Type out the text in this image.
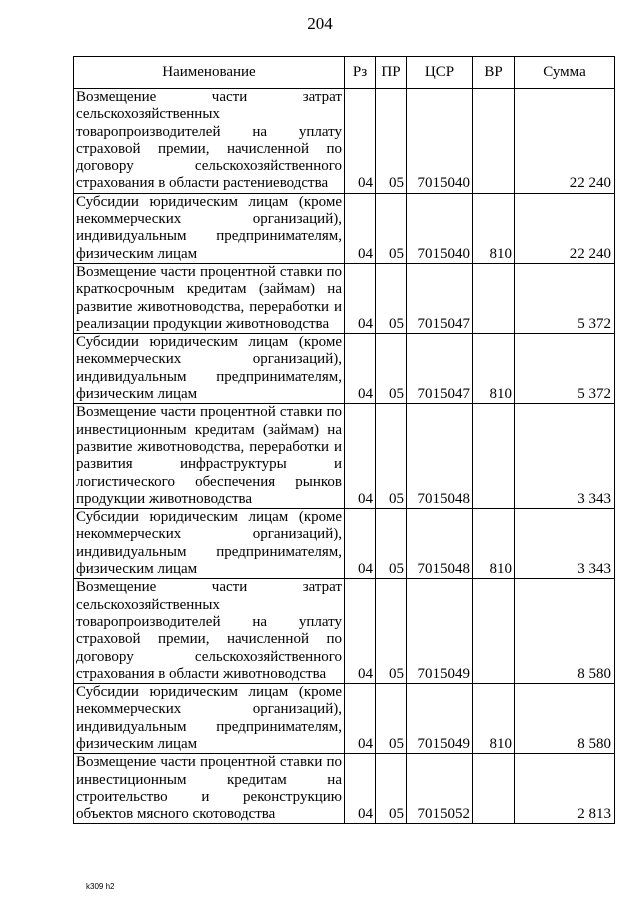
204
Наименование	Рз	ПР	ЦСР	ВР	Сумма
Возмещение части затрат сельскохозяйственных товаропроизводителей на уплату страховой премии, начисленной по договору сельскохозяйственного страхования в области растениеводства	04	05	7015040		22 240
Субсидии юридическим лицам (кроме некоммерческих организаций), индивидуальным предпринимателям, физическим лицам	04	05	7015040	810	22 240
Возмещение части процентной ставки по краткосрочным кредитам (займам) на развитие животноводства, переработки и реализации продукции животноводства	04	05	7015047		5 372
Субсидии юридическим лицам (кроме некоммерческих организаций), индивидуальным предпринимателям, физическим лицам	04	05	7015047	810	5 372
Возмещение части процентной ставки по инвестиционным кредитам (займам) на развитие животноводства, переработки и развития инфраструктуры и логистического обеспечения рынков продукции животноводства	04	05	7015048		3 343
Субсидии юридическим лицам (кроме некоммерческих организаций), индивидуальным предпринимателям, физическим лицам	04	05	7015048	810	3 343
Возмещение части затрат сельскохозяйственных товаропроизводителей на уплату страховой премии, начисленной по договору сельскохозяйственного страхования в области животноводства	04	05	7015049		8 580
Субсидии юридическим лицам (кроме некоммерческих организаций), индивидуальным предпринимателям, физическим лицам	04	05	7015049	810	8 580
Возмещение части процентной ставки по инвестиционным кредитам на строительство и реконструкцию объектов мясного скотоводства	04	05	7015052		2 813
k309 h2
